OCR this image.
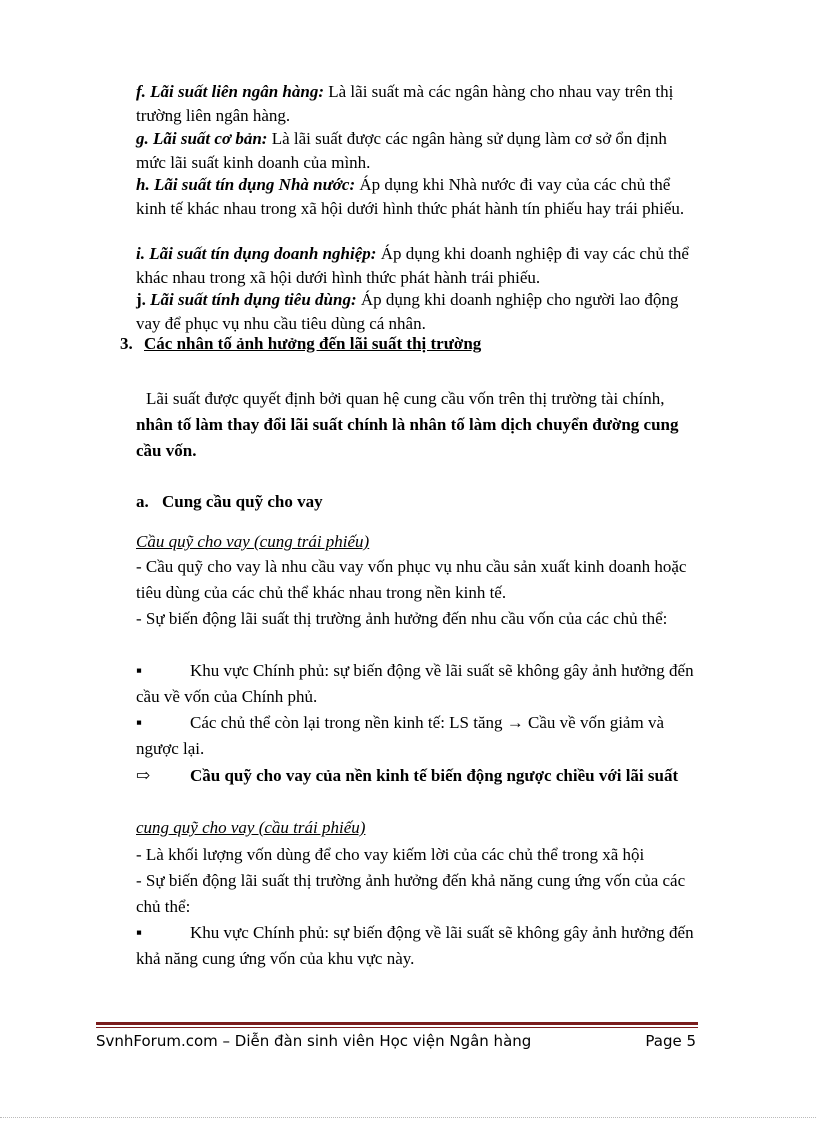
f. Lãi suất liên ngân hàng: Là lãi suất mà các ngân hàng cho nhau vay trên thị trường liên ngân hàng.

g. Lãi suất cơ bản: Là lãi suất được các ngân hàng sử dụng làm cơ sở ổn định mức lãi suất kinh doanh của mình.

h. Lãi suất tín dụng Nhà nước: Áp dụng khi Nhà nước đi vay của các chủ thể kinh tế khác nhau trong xã hội dưới hình thức phát hành tín phiếu hay trái phiếu.

i. Lãi suất tín dụng doanh nghiệp: Áp dụng khi doanh nghiệp đi vay các chủ thể khác nhau trong xã hội dưới hình thức phát hành trái phiếu.

j. Lãi suất tính dụng tiêu dùng: Áp dụng khi doanh nghiệp cho người lao động vay để phục vụ nhu cầu tiêu dùng cá nhân.

3. Các nhân tố ảnh hưởng đến lãi suất thị trường

Lãi suất được quyết định bởi quan hệ cung cầu vốn trên thị trường tài chính, nhân tố làm thay đổi lãi suất chính là nhân tố làm dịch chuyển đường cung cầu vốn.

a. Cung cầu quỹ cho vay
Cầu quỹ cho vay (cung trái phiếu)

- Cầu quỹ cho vay là nhu cầu vay vốn phục vụ nhu cầu sản xuất kinh doanh hoặc tiêu dùng của các chủ thể khác nhau trong nền kinh tế.

- Sự biến động lãi suất thị trường ảnh hưởng đến nhu cầu vốn của các chủ thể:

▪	Khu vực Chính phủ: sự biến động về lãi suất sẽ không gây ảnh hưởng đến cầu về vốn của Chính phủ.
▪	Các chủ thể còn lại trong nền kinh tế: LS tăng → Cầu về vốn giảm và ngược lại.
⇨ Cầu quỹ cho vay của nền kinh tế biến động ngược chiều với lãi suất
cung quỹ cho vay (cầu trái phiếu)

- Là khối lượng vốn dùng để cho vay kiếm lời của các chủ thể trong xã hội

- Sự biến động lãi suất thị trường ảnh hưởng đến khả năng cung ứng vốn của các chủ thể:

▪	Khu vực Chính phủ: sự biến động về lãi suất sẽ không gây ảnh hưởng đến khả năng cung ứng vốn của khu vực này.
SvnhForum.com – Diễn đàn sinh viên Học viện Ngân hàng	Page 5
